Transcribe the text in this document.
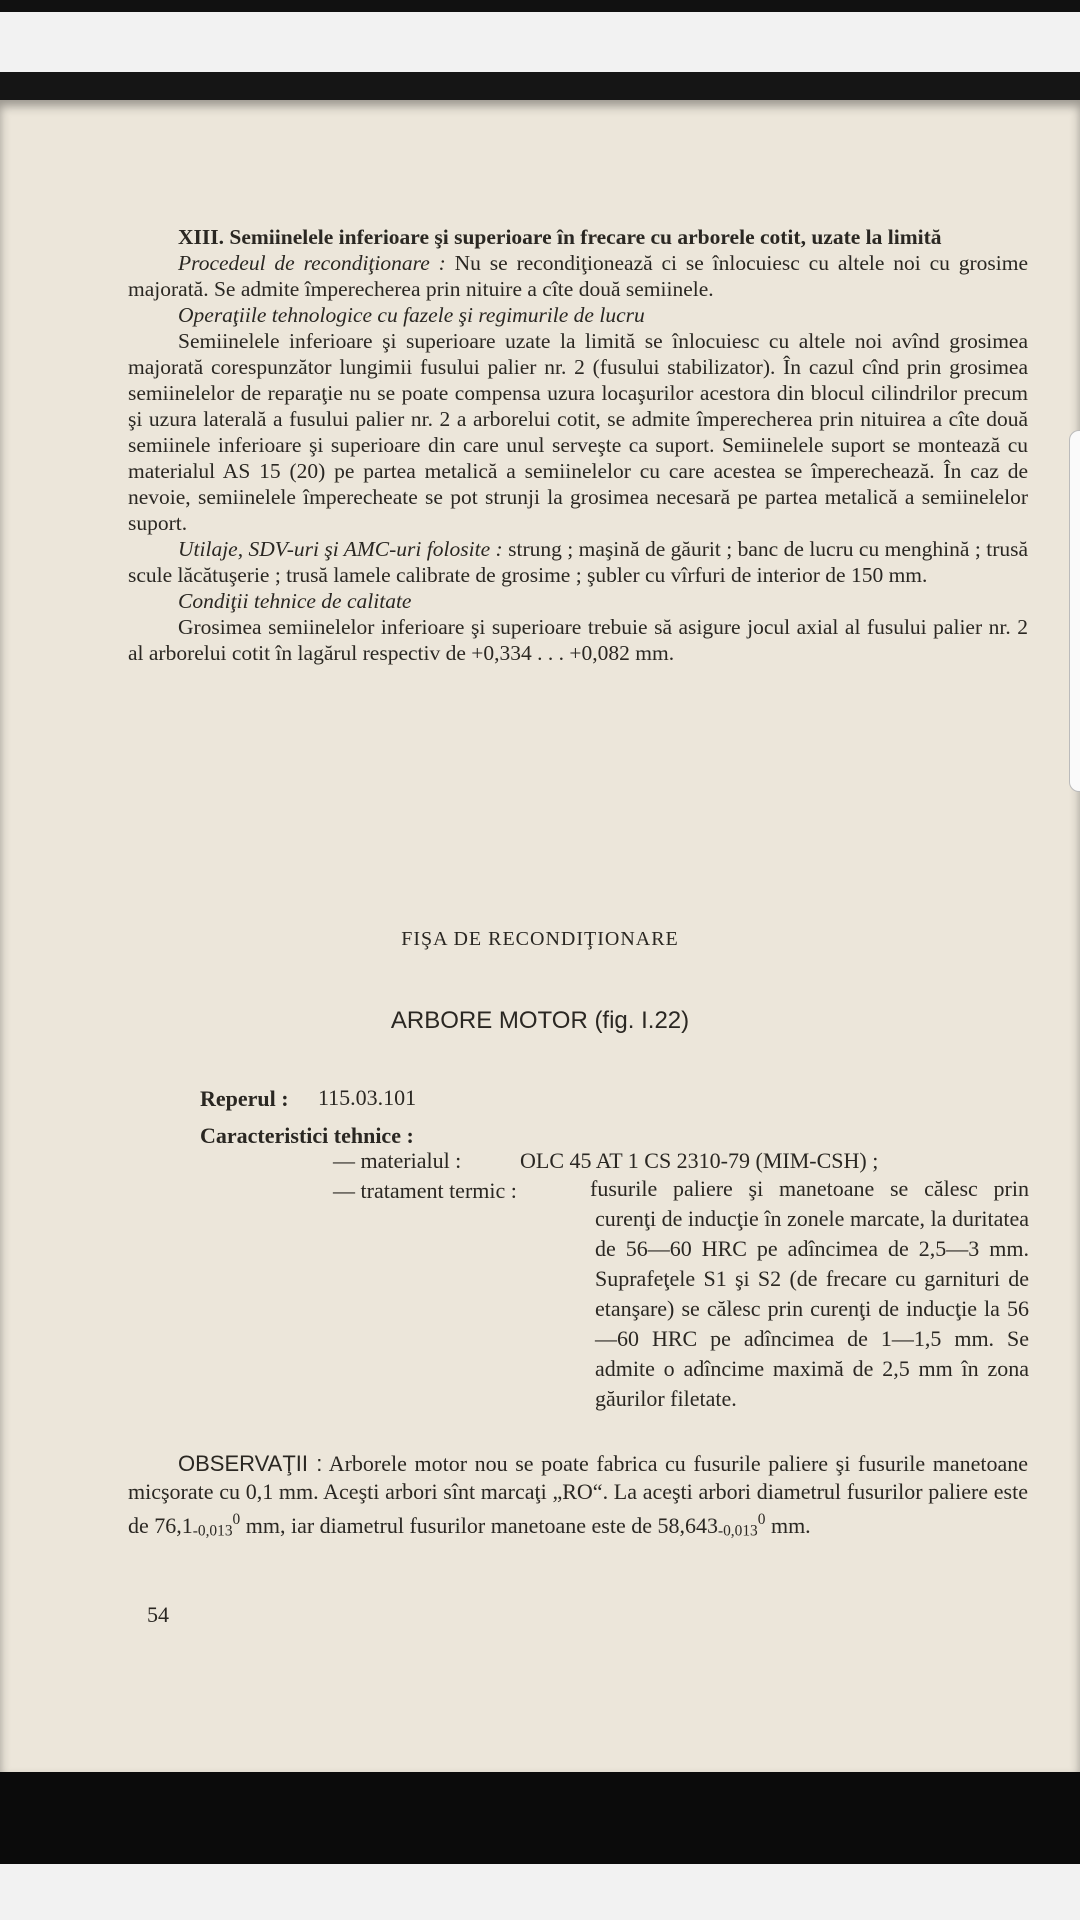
XIII. Semiinelele inferioare şi superioare în frecare cu arborele cotit, uzate la limită

Procedeul de recondiţionare : Nu se recondiţionează ci se înlocuiesc cu altele noi cu grosime majorată. Se admite împerecherea prin nituire a cîte două semiinele.

Operaţiile tehnologice cu fazele şi regimurile de lucru

Semiinelele inferioare şi superioare uzate la limită se înlocuiesc cu altele noi avînd grosimea majorată corespunzător lungimii fusului palier nr. 2 (fusului stabilizator). În cazul cînd prin grosimea semiinelelor de reparaţie nu se poate compensa uzura locaşurilor acestora din blocul cilindrilor precum şi uzura laterală a fusului palier nr. 2 a arborelui cotit, se admite împerecherea prin nituirea a cîte două semiinele inferioare şi superioare din care unul serveşte ca suport. Semiinelele suport se montează cu materialul AS 15 (20) pe partea metalică a semiinelelor cu care acestea se împerechează. În caz de nevoie, semiinelele împerecheate se pot strunji la grosimea necesară pe partea metalică a semiinelelor suport.

Utilaje, SDV-uri şi AMC-uri folosite : strung ; maşină de găurit ; banc de lucru cu menghină ; trusă scule lăcătuşerie ; trusă lamele calibrate de grosime ; şubler cu vîrfuri de interior de 150 mm.

Condiţii tehnice de calitate

Grosimea semiinelelor inferioare şi superioare trebuie să asigure jocul axial al fusului palier nr. 2 al arborelui cotit în lagărul respectiv de +0,334 . . . +0,082 mm.

FIŞA DE RECONDIŢIONARE
ARBORE MOTOR (fig. I.22)
Reperul : 115.03.101
Caracteristici tehnice :
— materialul :	OLC 45 AT 1 CS 2310-79 (MIM-CSH) ;
— tratament termic :	fusurile paliere şi manetoane se călesc prin curenţi de inducţie în zonele marcate, la duritatea de 56—60 HRC pe adîncimea de 2,5—3 mm. Suprafeţele S1 şi S2 (de frecare cu garnituri de etanşare) se călesc prin curenţi de inducţie la 56—60 HRC pe adîncimea de 1—1,5 mm. Se admite o adîncime maximă de 2,5 mm în zona găurilor filetate.

OBSERVAŢII : Arborele motor nou se poate fabrica cu fusurile paliere şi fusurile manetoane micşorate cu 0,1 mm. Aceşti arbori sînt marcaţi „RO“. La aceşti arbori diametrul fusurilor paliere este de $76,1_{-0,013}^0$ mm, iar diametrul fusurilor manetoane este de $58,643_{-0,013}^0$ mm.

54
